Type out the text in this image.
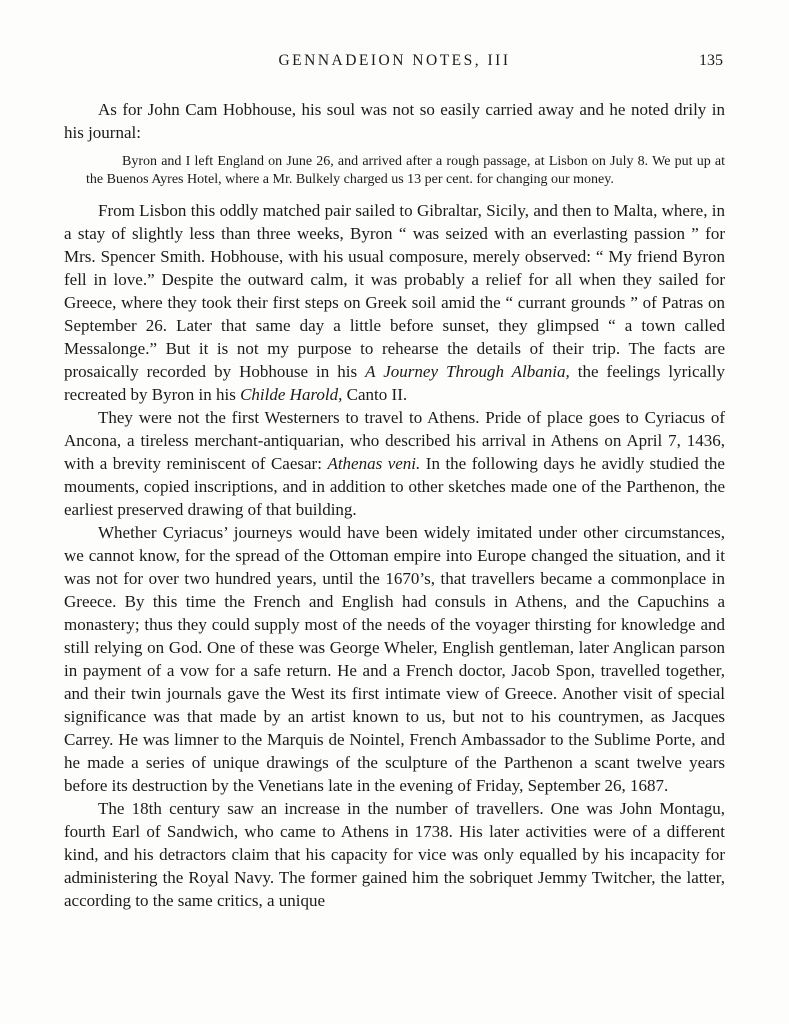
GENNADEION NOTES, III	135

As for John Cam Hobhouse, his soul was not so easily carried away and he noted drily in his journal:

Byron and I left England on June 26, and arrived after a rough passage, at Lisbon on July 8. We put up at the Buenos Ayres Hotel, where a Mr. Bulkely charged us 13 per cent. for changing our money.

From Lisbon this oddly matched pair sailed to Gibraltar, Sicily, and then to Malta, where, in a stay of slightly less than three weeks, Byron “ was seized with an everlasting passion ” for Mrs. Spencer Smith. Hobhouse, with his usual composure, merely observed: “ My friend Byron fell in love.” Despite the outward calm, it was probably a relief for all when they sailed for Greece, where they took their first steps on Greek soil amid the “ currant grounds ” of Patras on September 26. Later that same day a little before sunset, they glimpsed “ a town called Messalonge.” But it is not my purpose to rehearse the details of their trip. The facts are prosaically recorded by Hobhouse in his A Journey Through Albania, the feelings lyrically recreated by Byron in his Childe Harold, Canto II.

They were not the first Westerners to travel to Athens. Pride of place goes to Cyriacus of Ancona, a tireless merchant-antiquarian, who described his arrival in Athens on April 7, 1436, with a brevity reminiscent of Caesar: Athenas veni. In the following days he avidly studied the mouments, copied inscriptions, and in addition to other sketches made one of the Parthenon, the earliest preserved drawing of that building.

Whether Cyriacus’ journeys would have been widely imitated under other circumstances, we cannot know, for the spread of the Ottoman empire into Europe changed the situation, and it was not for over two hundred years, until the 1670’s, that travellers became a commonplace in Greece. By this time the French and English had consuls in Athens, and the Capuchins a monastery; thus they could supply most of the needs of the voyager thirsting for knowledge and still relying on God. One of these was George Wheler, English gentleman, later Anglican parson in payment of a vow for a safe return. He and a French doctor, Jacob Spon, travelled together, and their twin journals gave the West its first intimate view of Greece. Another visit of special significance was that made by an artist known to us, but not to his countrymen, as Jacques Carrey. He was limner to the Marquis de Nointel, French Ambassador to the Sublime Porte, and he made a series of unique drawings of the sculpture of the Parthenon a scant twelve years before its destruction by the Venetians late in the evening of Friday, September 26, 1687.

The 18th century saw an increase in the number of travellers. One was John Montagu, fourth Earl of Sandwich, who came to Athens in 1738. His later activities were of a different kind, and his detractors claim that his capacity for vice was only equalled by his incapacity for administering the Royal Navy. The former gained him the sobriquet Jemmy Twitcher, the latter, according to the same critics, a unique
